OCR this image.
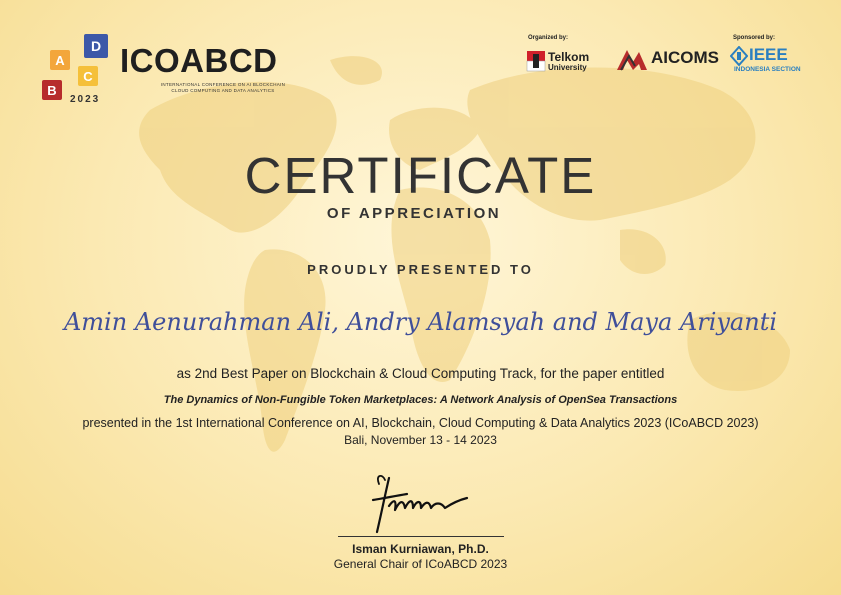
A
B
C
D
2023
ICOABCD
INTERNATIONAL CONFERENCE ON AI BLOCKCHAIN
CLOUD COMPUTING AND DATA ANALYTICS
Organized by:	Sponsored by:
Telkom
University
AICOMS IEEE
INDONESIA SECTION
CERTIFICATE
OF APPRECIATION
PROUDLY PRESENTED TO
Amin Aenurahman Ali, Andry Alamsyah and Maya Ariyanti
as 2nd Best Paper on Blockchain & Cloud Computing Track, for the paper entitled
The Dynamics of Non-Fungible Token Marketplaces: A Network Analysis of OpenSea Transactions
presented in the 1st International Conference on AI, Blockchain, Cloud Computing & Data Analytics 2023 (ICoABCD 2023)
Bali, November 13 - 14 2023
Isman Kurniawan, Ph.D.
General Chair of ICoABCD 2023
